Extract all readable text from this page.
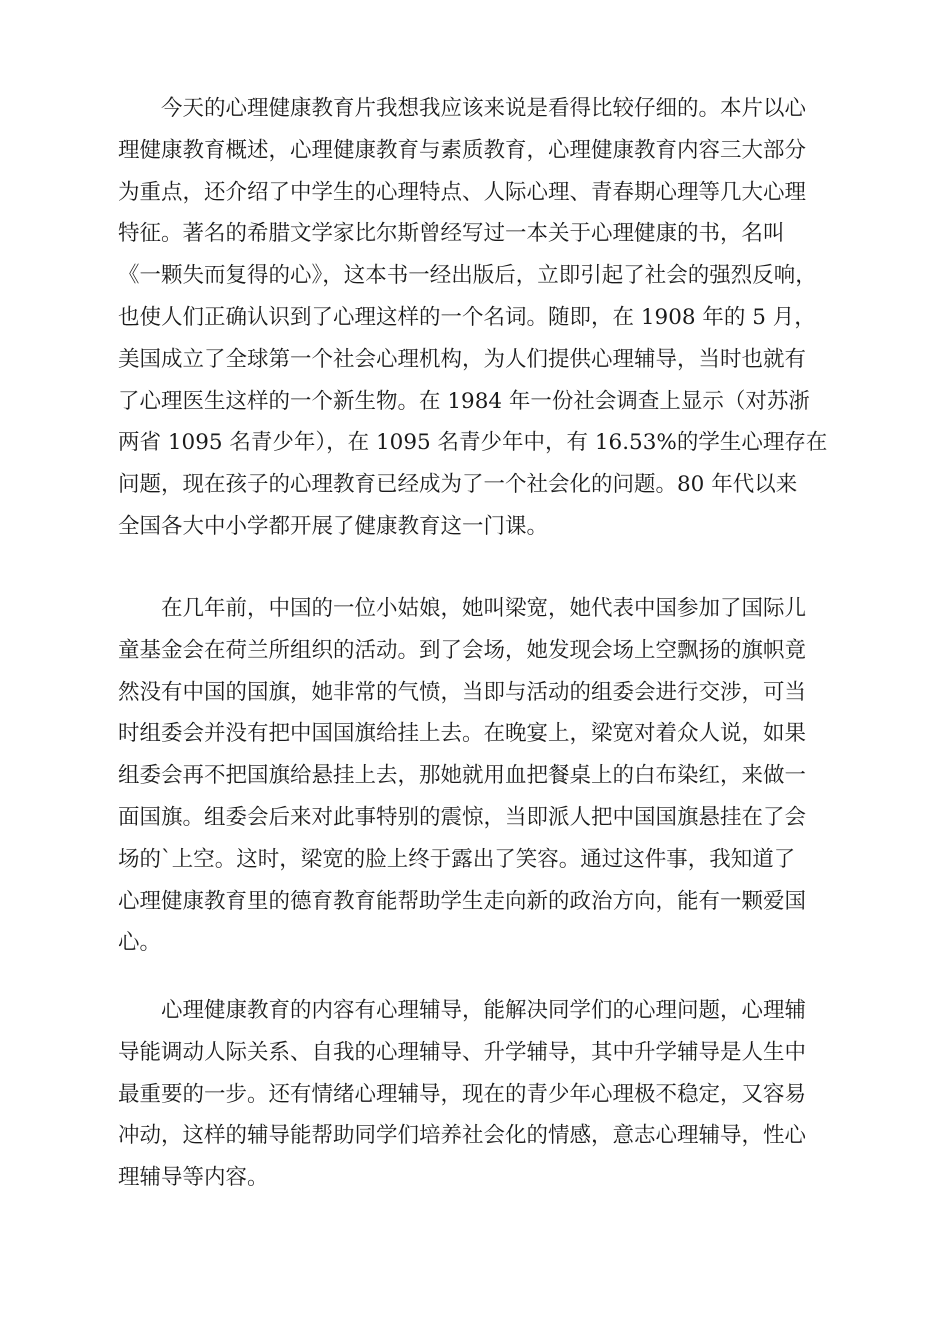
今天的心理健康教育片我想我应该来说是看得比较仔细的。本片以心
理健康教育概述，心理健康教育与素质教育，心理健康教育内容三大部分
为重点，还介绍了中学生的心理特点、人际心理、青春期心理等几大心理
特征。著名的希腊文学家比尔斯曾经写过一本关于心理健康的书，名叫
《一颗失而复得的心》，这本书一经出版后，立即引起了社会的强烈反响，
也使人们正确认识到了心理这样的一个名词。随即，在 1908 年的 5 月，
美国成立了全球第一个社会心理机构，为人们提供心理辅导，当时也就有
了心理医生这样的一个新生物。在 1984 年一份社会调查上显示（对苏浙
两省 1095 名青少年），在 1095 名青少年中，有 16.53%的学生心理存在
问题，现在孩子的心理教育已经成为了一个社会化的问题。80 年代以来
全国各大中小学都开展了健康教育这一门课。
在几年前，中国的一位小姑娘，她叫梁宽，她代表中国参加了国际儿
童基金会在荷兰所组织的活动。到了会场，她发现会场上空飘扬的旗帜竟
然没有中国的国旗，她非常的气愤，当即与活动的组委会进行交涉，可当
时组委会并没有把中国国旗给挂上去。在晚宴上，梁宽对着众人说，如果
组委会再不把国旗给悬挂上去，那她就用血把餐桌上的白布染红，来做一
面国旗。组委会后来对此事特别的震惊，当即派人把中国国旗悬挂在了会
场的`上空。这时，梁宽的脸上终于露出了笑容。通过这件事，我知道了
心理健康教育里的德育教育能帮助学生走向新的政治方向，能有一颗爱国
心。
心理健康教育的内容有心理辅导，能解决同学们的心理问题，心理辅
导能调动人际关系、自我的心理辅导、升学辅导，其中升学辅导是人生中
最重要的一步。还有情绪心理辅导，现在的青少年心理极不稳定，又容易
冲动，这样的辅导能帮助同学们培养社会化的情感，意志心理辅导，性心
理辅导等内容。
